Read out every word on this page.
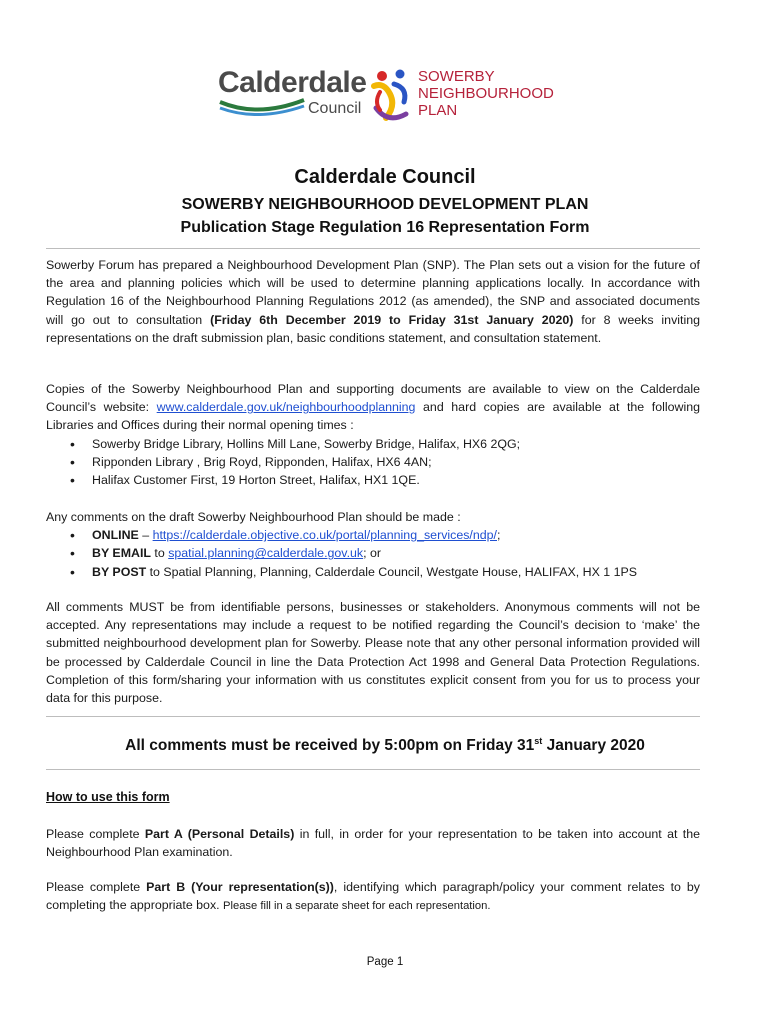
Calderdale
Council
SOWERBY
NEIGHBOURHOOD
PLAN
Calderdale Council
SOWERBY NEIGHBOURHOOD DEVELOPMENT PLAN
Publication Stage Regulation 16 Representation Form
Sowerby Forum has prepared a Neighbourhood Development Plan (SNP). The Plan sets out a vision for the future of the area and planning policies which will be used to determine planning applications locally. In accordance with Regulation 16 of the Neighbourhood Planning Regulations 2012 (as amended), the SNP and associated documents will go out to consultation (Friday 6th December 2019 to Friday 31st January 2020) for 8 weeks inviting representations on the draft submission plan, basic conditions statement, and consultation statement.
Copies of the Sowerby Neighbourhood Plan and supporting documents are available to view on the Calderdale Council’s website: www.calderdale.gov.uk/neighbourhoodplanning and hard copies are available at the following Libraries and Offices during their normal opening times :
• Sowerby Bridge Library, Hollins Mill Lane, Sowerby Bridge, Halifax, HX6 2QG;
• Ripponden Library , Brig Royd, Ripponden, Halifax, HX6 4AN;
• Halifax Customer First, 19 Horton Street, Halifax, HX1 1QE.
Any comments on the draft Sowerby Neighbourhood Plan should be made :
• ONLINE – https://calderdale.objective.co.uk/portal/planning_services/ndp/;
• BY EMAIL to spatial.planning@calderdale.gov.uk; or
• BY POST to Spatial Planning, Planning, Calderdale Council, Westgate House, HALIFAX, HX 1 1PS
All comments MUST be from identifiable persons, businesses or stakeholders. Anonymous comments will not be accepted. Any representations may include a request to be notified regarding the Council’s decision to ‘make’ the submitted neighbourhood development plan for Sowerby. Please note that any other personal information provided will be processed by Calderdale Council in line the Data Protection Act 1998 and General Data Protection Regulations. Completion of this form/sharing your information with us constitutes explicit consent from you for us to process your data for this purpose.
All comments must be received by 5:00pm on Friday 31st January 2020
How to use this form
Please complete Part A (Personal Details) in full, in order for your representation to be taken into account at the Neighbourhood Plan examination.
Please complete Part B (Your representation(s)), identifying which paragraph/policy your comment relates to by completing the appropriate box. Please fill in a separate sheet for each representation.
Page 1
